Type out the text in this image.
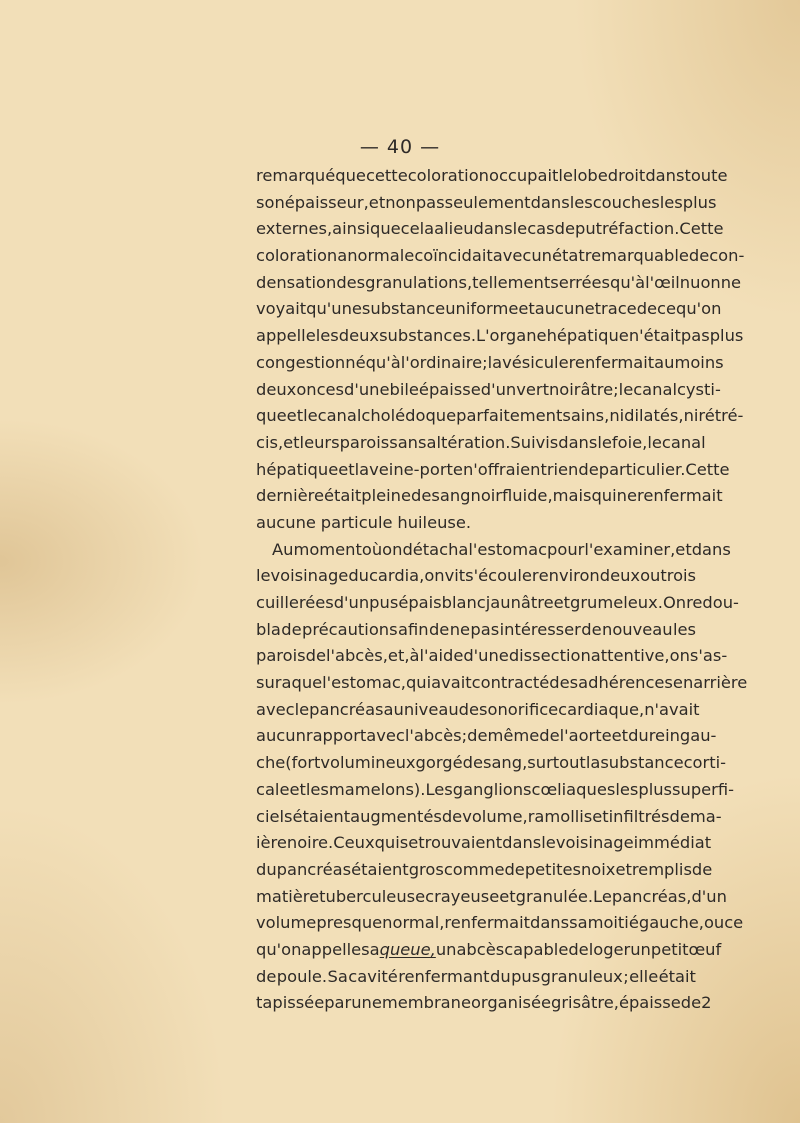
— 40 —
remarqué que cette coloration occupait le lobe droit dans toute
son épaisseur, et non pas seulement dans les couches les plus
externes, ainsi que cela a lieu dans le cas de putréfaction. Cette
coloration anormale coïncidait avec un état remarquable de con-
densation des granulations, tellement serrées qu'à l'œil nu on ne
voyait qu'une substance uniforme et aucune trace de ce qu'on
appelle les deux substances. L'organe hépatique n'était pas plus
congestionné qu'à l'ordinaire ; la vésicule renfermait au moins
deux onces d'une bile épaisse d'un vert noirâtre ; le canal cysti-
que et le canal cholédoque parfaitement sains, ni dilatés, ni rétré-
cis, et leurs parois sans altération. Suivis dans le foie, le canal
hépatique et la veine-porte n'offraient rien de particulier. Cette
dernière était pleine de sang noir fluide, mais qui ne renfermait
aucune particule huileuse.
Au moment où on détacha l'estomac pour l'examiner, et dans
le voisinage du cardia, on vit s'écouler environ deux ou trois
cuillerées d'un pus épais blanc jaunâtre et grumeleux. On redou-
bla de précautions afin de ne pas intéresser de nouveau les
parois de l'abcès, et, à l'aide d'une dissection attentive, on s'as-
sura que l'estomac, qui avait contracté des adhérences en arrière
avec le pancréas au niveau de son orifice cardiaque, n'avait
aucun rapport avec l'abcès; de même de l'aorte et du rein gau-
che (fort volumineux gorgé de sang, surtout la substance corti-
cale et les mamelons). Les ganglions cœliaques les plus superfi-
ciels étaient augmentés de volume, ramollis et infiltrés de ma-
ière noire. Ceux qui se trouvaient dans le voisinage immédiat
du pancréas étaient gros comme de petites noix et remplis de
matière tuberculeuse crayeuse et granulée. Le pancréas, d'un
volume presque normal, renfermait dans sa moitié gauche, ou ce
qu'on appelle sa queue, un abcès capable de loger un petit œuf
de poule. Sa cavité renfermant du pus granuleux ; elle était
tapissée par une membrane organisée grisâtre, épaisse de 2
